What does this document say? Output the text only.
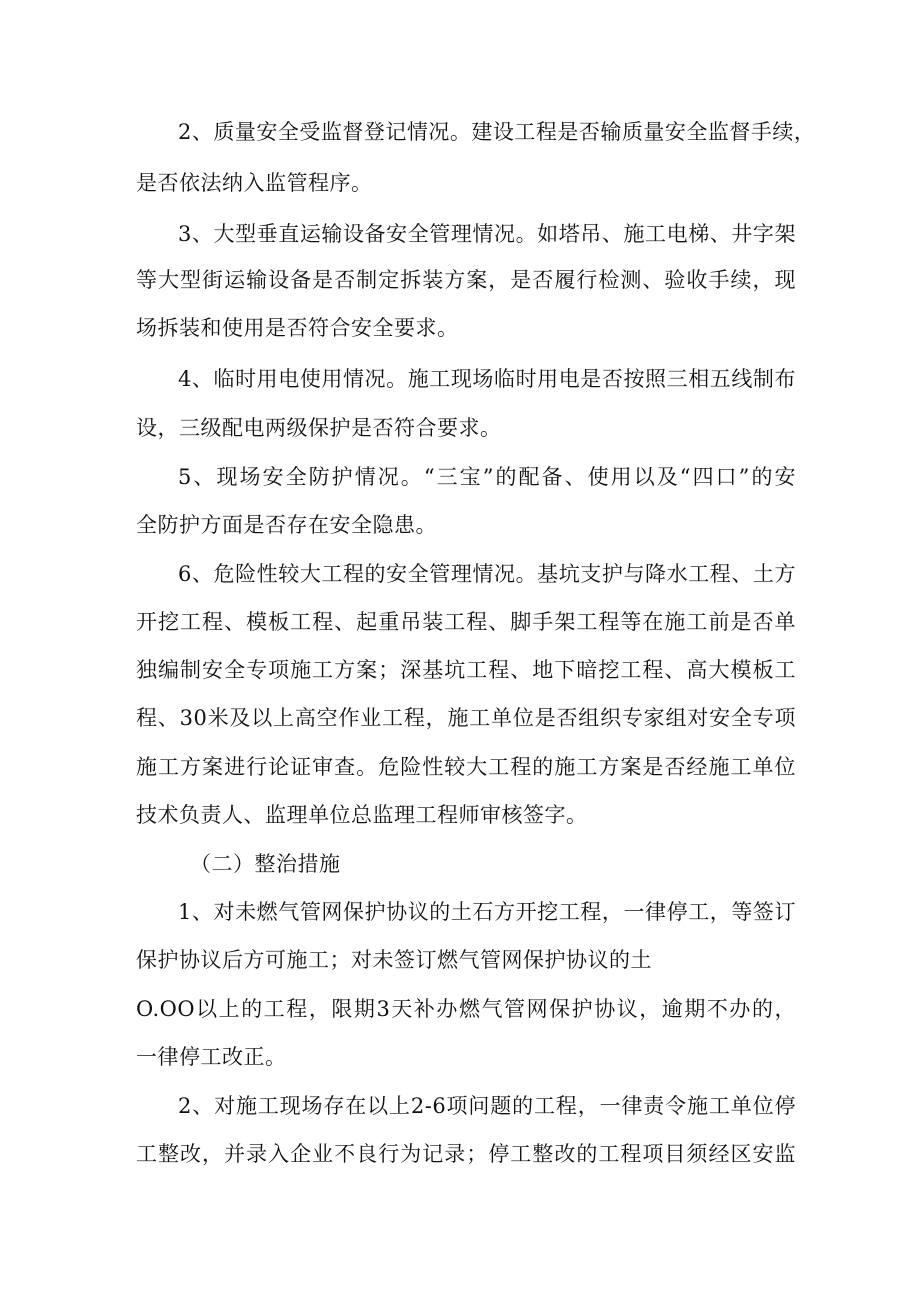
2、质量安全受监督登记情况。建设工程是否输质量安全监督手续，
是否依法纳入监管程序。
3、大型垂直运输设备安全管理情况。如塔吊、施工电梯、井字架
等大型街运输设备是否制定拆装方案，是否履行检测、验收手续，现
场拆装和使用是否符合安全要求。
4、临时用电使用情况。施工现场临时用电是否按照三相五线制布
设，三级配电两级保护是否符合要求。
5、现场安全防护情况。“三宝”的配备、使用以及“四口”的安
全防护方面是否存在安全隐患。
6、危险性较大工程的安全管理情况。基坑支护与降水工程、土方
开挖工程、模板工程、起重吊装工程、脚手架工程等在施工前是否单
独编制安全专项施工方案；深基坑工程、地下暗挖工程、高大模板工
程、30米及以上高空作业工程，施工单位是否组织专家组对安全专项
施工方案进行论证审查。危险性较大工程的施工方案是否经施工单位
技术负责人、监理单位总监理工程师审核签字。
（二）整治措施
1、对未燃气管网保护协议的土石方开挖工程，一律停工，等签订
保护协议后方可施工；对未签订燃气管网保护协议的土
O.OO以上的工程，限期3天补办燃气管网保护协议，逾期不办的，
一律停工改正。
2、对施工现场存在以上2-6项问题的工程，一律责令施工单位停
工整改，并录入企业不良行为记录；停工整改的工程项目须经区安监
